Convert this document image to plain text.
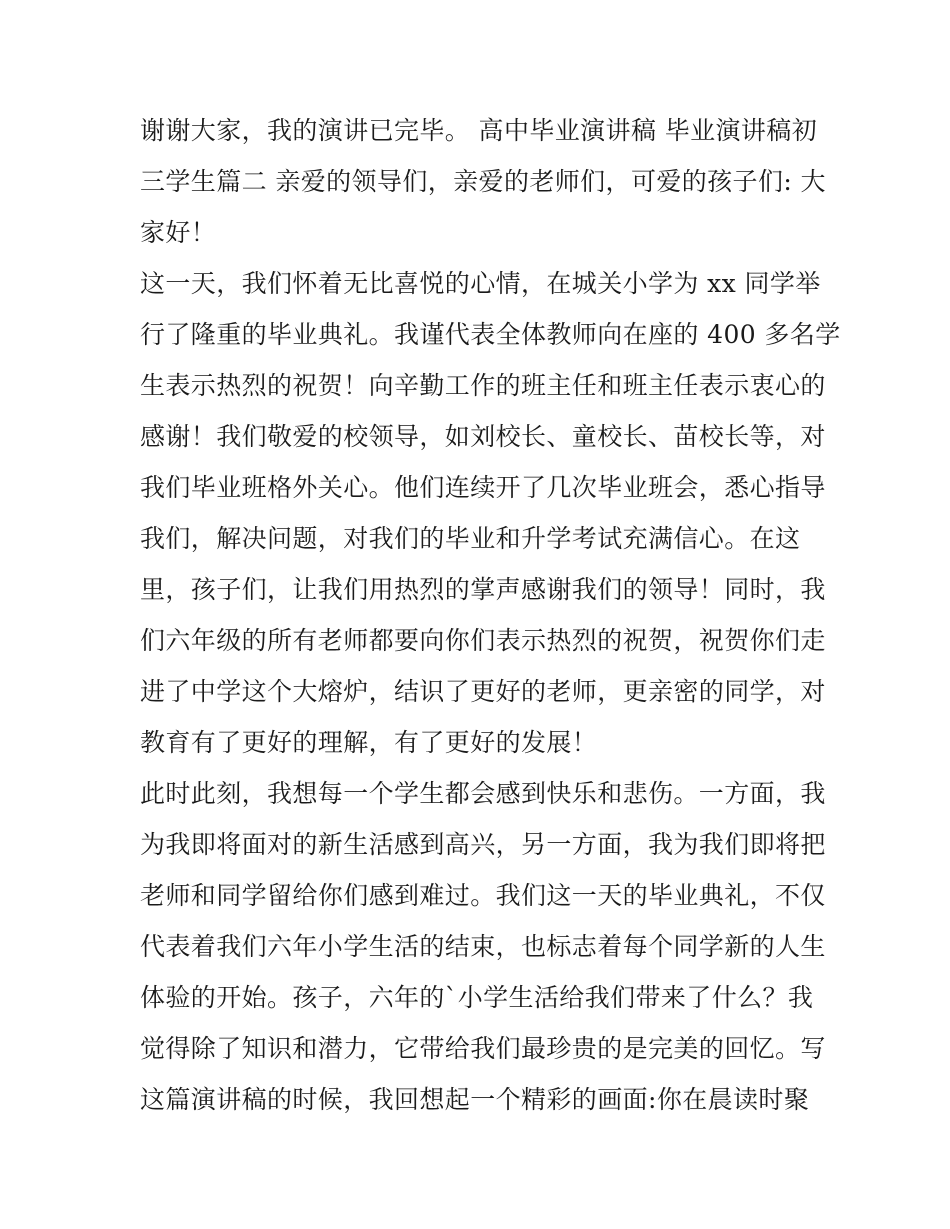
谢谢大家，我的演讲已完毕。 高中毕业演讲稿 毕业演讲稿初
三学生篇二 亲爱的领导们，亲爱的老师们，可爱的孩子们: 大
家好！
这一天，我们怀着无比喜悦的心情，在城关小学为 xx 同学举
行了隆重的毕业典礼。我谨代表全体教师向在座的 400 多名学
生表示热烈的祝贺！向辛勤工作的班主任和班主任表示衷心的
感谢！我们敬爱的校领导，如刘校长、童校长、苗校长等，对
我们毕业班格外关心。他们连续开了几次毕业班会，悉心指导
我们，解决问题，对我们的毕业和升学考试充满信心。在这
里，孩子们，让我们用热烈的掌声感谢我们的领导！同时，我
们六年级的所有老师都要向你们表示热烈的祝贺，祝贺你们走
进了中学这个大熔炉，结识了更好的老师，更亲密的同学，对
教育有了更好的理解，有了更好的发展！
此时此刻，我想每一个学生都会感到快乐和悲伤。一方面，我
为我即将面对的新生活感到高兴，另一方面，我为我们即将把
老师和同学留给你们感到难过。我们这一天的毕业典礼，不仅
代表着我们六年小学生活的结束，也标志着每个同学新的人生
体验的开始。孩子，六年的`小学生活给我们带来了什么？我
觉得除了知识和潜力，它带给我们最珍贵的是完美的回忆。写
这篇演讲稿的时候，我回想起一个精彩的画面:你在晨读时聚
